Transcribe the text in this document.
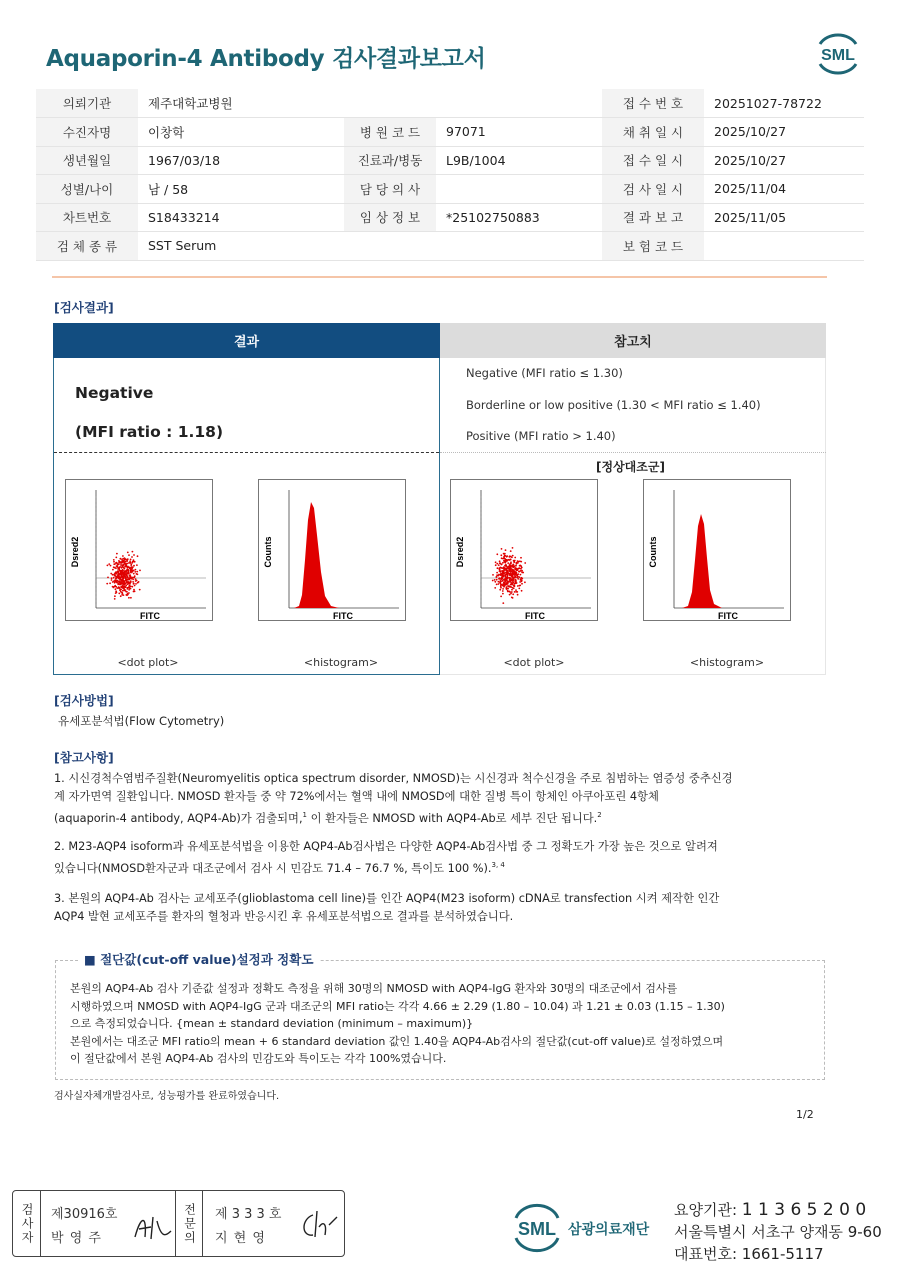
Aquaporin-4 Antibody 검사결과보고서	SML
의뢰기관	제주대학교병원			접 수 번 호	20251027-78722
수진자명	이창학	병 원 코 드	97071	채 취 일 시	2025/10/27
생년월일	1967/03/18	진료과/병동	L9B/1004	접 수 일 시	2025/10/27
성별/나이	남 / 58	담 당 의 사		검 사 일 시	2025/11/04
차트번호	S18433214	임 상 정 보	*25102750883	결 과 보 고	2025/11/05
검 체 종 류	SST Serum			보 험 코 드	
[검사결과]
결과	참고치
Negative
(MFI ratio : 1.18)
Negative (MFI ratio ≤ 1.30)
Borderline or low positive (1.30 < MFI ratio ≤ 1.40)
Positive (MFI ratio > 1.40)
[정상대조군]
Dsred2
FITC
Counts
FITC
<dot plot>	<histogram>
Dsred2
FITC
Counts
FITC
<dot plot>	<histogram>
[검사방법]
유세포분석법(Flow Cytometry)
[참고사항]
1. 시신경척수염범주질환(Neuromyelitis optica spectrum disorder, NMOSD)는 시신경과 척수신경을 주로 침범하는 염증성 중추신경
계 자가면역 질환입니다. NMOSD 환자들 중 약 72%에서는 혈액 내에 NMOSD에 대한 질병 특이 항체인 아쿠아포린 4항체
(aquaporin-4 antibody, AQP4-Ab)가 검출되며,$^1$ 이 환자들은 NMOSD with AQP4-Ab로 세부 진단 됩니다.$^2$
2. M23-AQP4 isoform과 유세포분석법을 이용한 AQP4-Ab검사법은 다양한 AQP4-Ab검사법 중 그 정확도가 가장 높은 것으로 알려져
있습니다(NMOSD환자군과 대조군에서 검사 시 민감도 71.4 – 76.7 %, 특이도 100 %).$^{3, 4}$
3. 본원의 AQP4-Ab 검사는 교세포주(glioblastoma cell line)를 인간 AQP4(M23 isoform) cDNA로 transfection 시켜 제작한 인간
AQP4 발현 교세포주를 환자의 혈청과 반응시킨 후 유세포분석법으로 결과를 분석하였습니다.
■ 절단값(cut-off value)설정과 정확도
본원의 AQP4-Ab 검사 기준값 설정과 정확도 측정을 위해 30명의 NMOSD with AQP4-IgG 환자와 30명의 대조군에서 검사를
시행하였으며 NMOSD with AQP4-IgG 군과 대조군의 MFI ratio는 각각 4.66 ± 2.29 (1.80 – 10.04) 과 1.21 ± 0.03 (1.15 – 1.30)
으로 측정되었습니다. {mean ± standard deviation (minimum – maximum)}
본원에서는 대조군 MFI ratio의 mean + 6 standard deviation 값인 1.40을 AQP4-Ab검사의 절단값(cut-off value)로 설정하였으며
이 절단값에서 본원 AQP4-Ab 검사의 민감도와 특이도는 각각 100%였습니다.
검사실자체개발검사로, 성능평가를 완료하였습니다.
1/2
검사자 제30916호
박 영 주	전문의 제 3 3 3 호
지 현 영	SML 삼광의료재단
요양기관: 1 1 3 6 5 2 0 0
서울특별시 서초구 양재동 9-60
대표번호: 1661-5117
